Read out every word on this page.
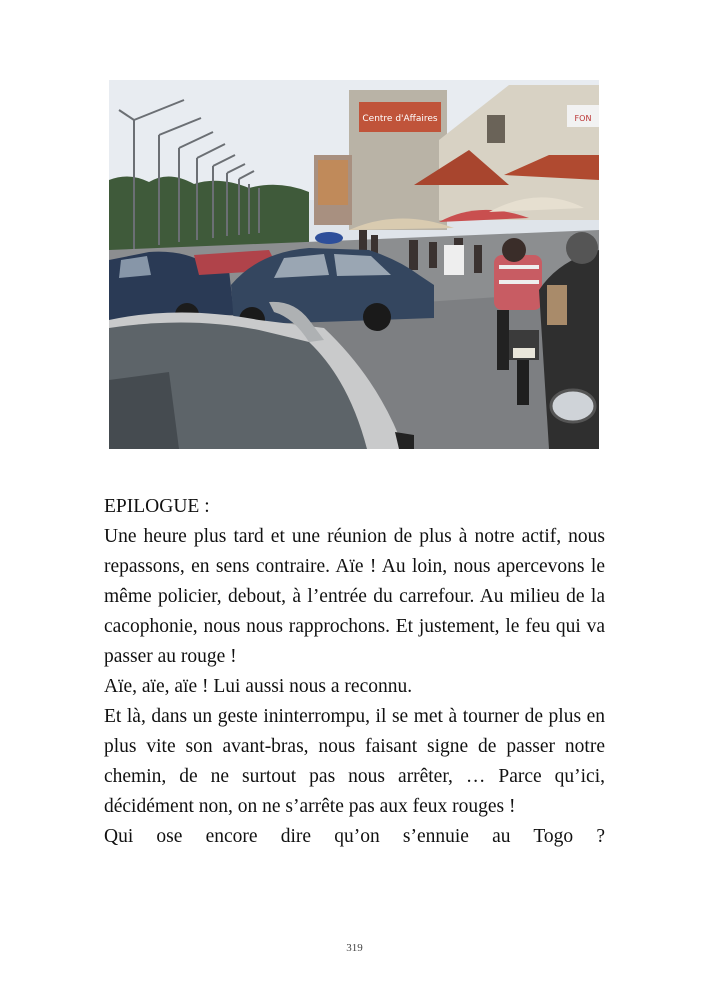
Centre d'Affaires	FON

EPILOGUE :

Une heure plus tard et une réunion de plus à notre actif, nous repassons, en sens contraire. Aïe ! Au loin, nous apercevons le même policier, debout, à l’entrée du carrefour. Au milieu de la cacophonie, nous nous rapprochons. Et justement, le feu qui va passer au rouge !

Aïe, aïe, aïe ! Lui aussi nous a reconnu.

Et là, dans un geste ininterrompu, il se met à tourner de plus en plus vite son avant-bras, nous faisant signe de passer notre chemin, de ne surtout pas nous arrêter, … Parce qu’ici, décidément non, on ne s’arrête pas aux feux rouges !

Qui ose encore dire qu’on s’ennuie au Togo ?

319
